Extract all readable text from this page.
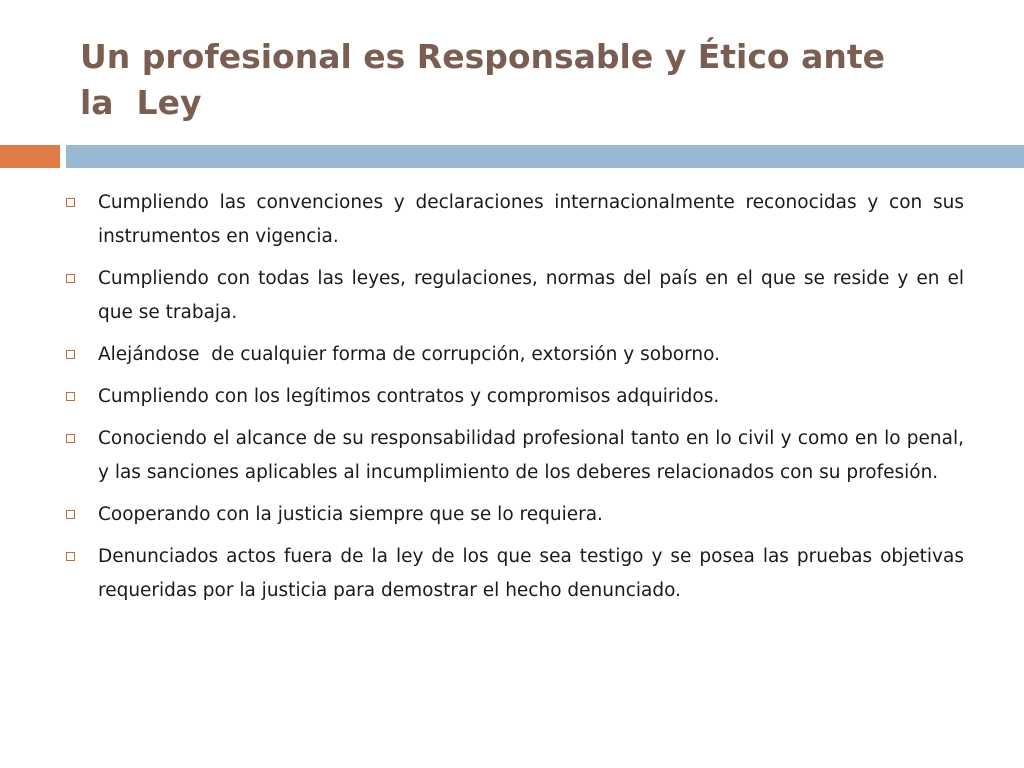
Un profesional es Responsable y Ético ante
la  Ley
Cumpliendo las convenciones y declaraciones internacionalmente reconocidas y con sus instrumentos en vigencia.
Cumpliendo con todas las leyes, regulaciones, normas del país en el que se reside y en el que se trabaja.
Alejándose  de cualquier forma de corrupción, extorsión y soborno.
Cumpliendo con los legítimos contratos y compromisos adquiridos.
Conociendo el alcance de su responsabilidad profesional tanto en lo civil y como en lo penal, y las sanciones aplicables al incumplimiento de los deberes relacionados con su profesión.
Cooperando con la justicia siempre que se lo requiera.
Denunciados actos fuera de la ley de los que sea testigo y se posea las pruebas objetivas requeridas por la justicia para demostrar el hecho denunciado.
